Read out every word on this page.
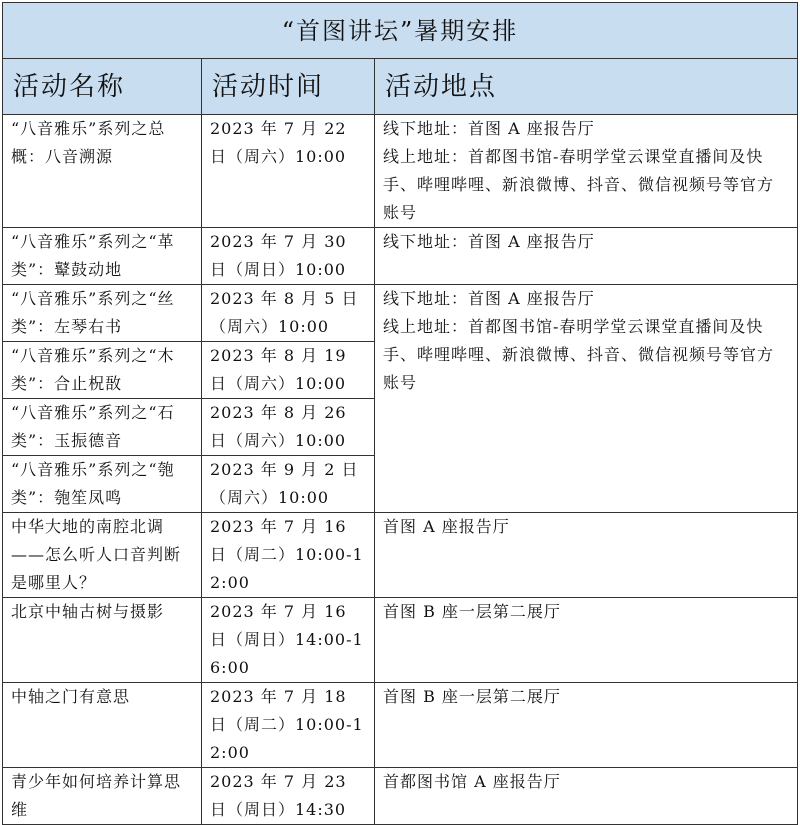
“首图讲坛”暑期安排		
活动名称	活动时间	活动地点
“八音雅乐”系列之总概：八音溯源	2023 年 7 月 22 日（周六）10:00	线下地址：首图 A 座报告厅
线上地址：首都图书馆-春明学堂云课堂直播间及快手、哔哩哔哩、新浪微博、抖音、微信视频号等官方账号

“八音雅乐”系列之“革类”：鼙鼓动地	2023 年 7 月 30 日（周日）10:00	线下地址：首图 A 座报告厅
“八音雅乐”系列之“丝类”：左琴右书	2023 年 8 月 5 日（周六）10:00	线下地址：首图 A 座报告厅
线上地址：首都图书馆-春明学堂云课堂直播间及快手、哔哩哔哩、新浪微博、抖音、微信视频号等官方账号

“八音雅乐”系列之“木类”：合止柷敔	2023 年 8 月 19 日（周六）10:00	
“八音雅乐”系列之“石类”：玉振德音	2023 年 8 月 26 日（周六）10:00	
“八音雅乐”系列之“匏类”：匏笙凤鸣	2023 年 9 月 2 日（周六）10:00	
中华大地的南腔北调——怎么听人口音判断是哪里人？	2023 年 7 月 16 日（周二）10:00-12:00	首图 A 座报告厅
北京中轴古树与摄影	2023 年 7 月 16 日（周日）14:00-16:00	首图 B 座一层第二展厅
中轴之门有意思	2023 年 7 月 18 日（周二）10:00-12:00	首图 B 座一层第二展厅
青少年如何培养计算思维	2023 年 7 月 23 日（周日）14:30	首都图书馆 A 座报告厅
